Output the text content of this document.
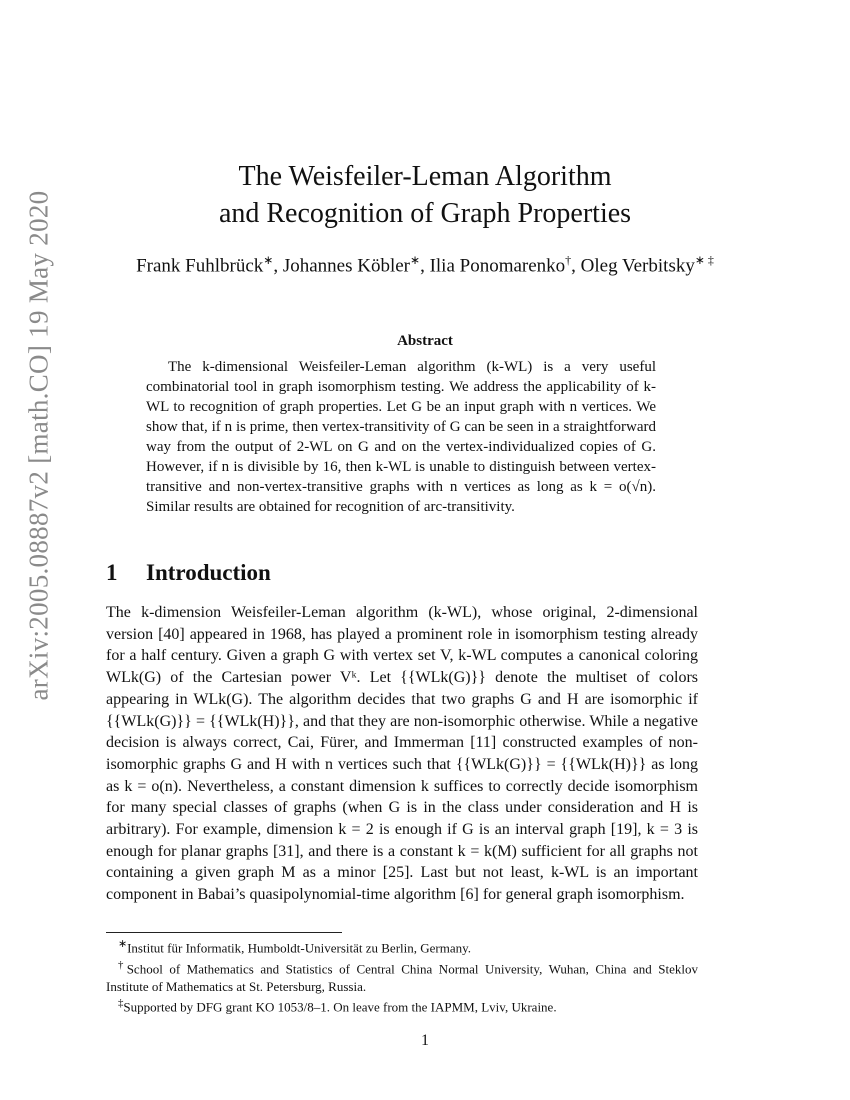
arXiv:2005.08887v2 [math.CO] 19 May 2020
The Weisfeiler-Leman Algorithm
and Recognition of Graph Properties
Frank Fuhlbrück∗, Johannes Köbler∗, Ilia Ponomarenko†, Oleg Verbitsky∗ ‡
Abstract
The k-dimensional Weisfeiler-Leman algorithm (k-WL) is a very useful combinatorial tool in graph isomorphism testing. We address the applicability of k-WL to recognition of graph properties. Let G be an input graph with n vertices. We show that, if n is prime, then vertex-transitivity of G can be seen in a straightforward way from the output of 2-WL on G and on the vertex-individualized copies of G. However, if n is divisible by 16, then k-WL is unable to distinguish between vertex-transitive and non-vertex-transitive graphs with n vertices as long as k = o(√n). Similar results are obtained for recognition of arc-transitivity.
1 Introduction
The k-dimension Weisfeiler-Leman algorithm (k-WL), whose original, 2-dimensional version [40] appeared in 1968, has played a prominent role in isomorphism testing already for a half century. Given a graph G with vertex set V, k-WL computes a canonical coloring WLk(G) of the Cartesian power Vᵏ. Let {{WLk(G)}} denote the multiset of colors appearing in WLk(G). The algorithm decides that two graphs G and H are isomorphic if {{WLk(G)}} = {{WLk(H)}}, and that they are non-isomorphic otherwise. While a negative decision is always correct, Cai, Fürer, and Immerman [11] constructed examples of non-isomorphic graphs G and H with n vertices such that {{WLk(G)}} = {{WLk(H)}} as long as k = o(n). Nevertheless, a constant dimension k suffices to correctly decide isomorphism for many special classes of graphs (when G is in the class under consideration and H is arbitrary). For example, dimension k = 2 is enough if G is an interval graph [19], k = 3 is enough for planar graphs [31], and there is a constant k = k(M) sufficient for all graphs not containing a given graph M as a minor [25]. Last but not least, k-WL is an important component in Babai’s quasipolynomial-time algorithm [6] for general graph isomorphism.

∗Institut für Informatik, Humboldt-Universität zu Berlin, Germany.

†School of Mathematics and Statistics of Central China Normal University, Wuhan, China and Steklov Institute of Mathematics at St. Petersburg, Russia.

‡Supported by DFG grant KO 1053/8–1. On leave from the IAPMM, Lviv, Ukraine.

1
